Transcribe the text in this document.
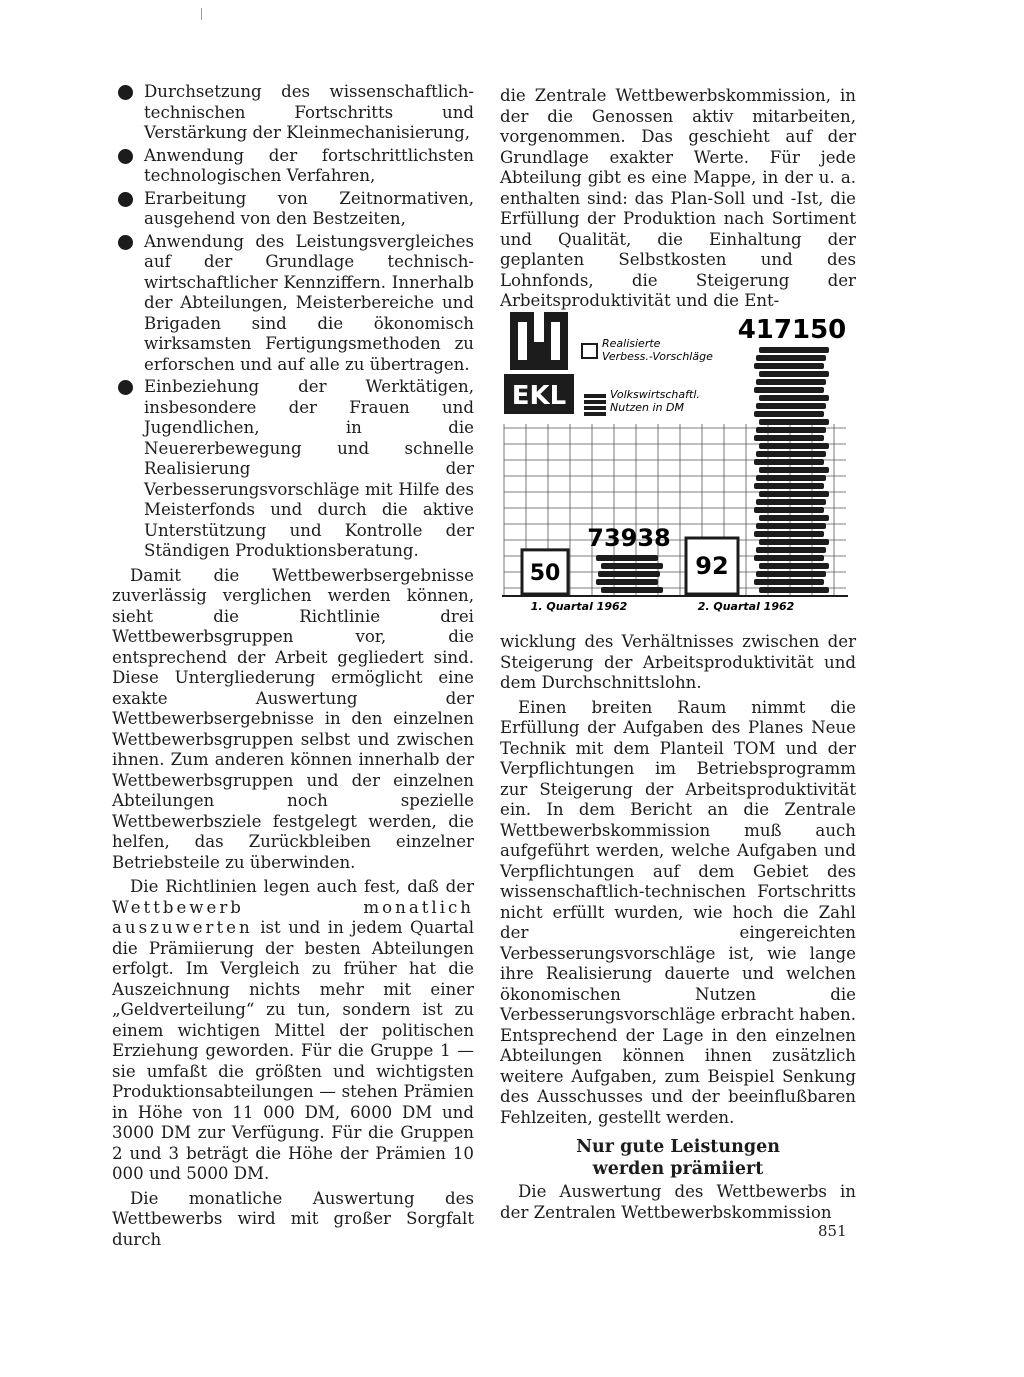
Durchsetzung des wissenschaftlich-technischen Fortschritts und Verstärkung der Kleinmechanisierung,
Anwendung der fortschrittlichsten technologischen Verfahren,
Erarbeitung von Zeitnormativen, ausgehend von den Bestzeiten,
Anwendung des Leistungsvergleiches auf der Grundlage technisch-wirtschaftlicher Kennziffern. Innerhalb der Abteilungen, Meisterbereiche und Brigaden sind die ökonomisch wirksamsten Fertigungsmethoden zu erforschen und auf alle zu übertragen.
Einbeziehung der Werktätigen, insbesondere der Frauen und Jugendlichen, in die Neuererbewegung und schnelle Realisierung der Verbesserungsvorschläge mit Hilfe des Meisterfonds und durch die aktive Unterstützung und Kontrolle der Ständigen Produktionsberatung.

Damit die Wettbewerbsergebnisse zuverlässig verglichen werden können, sieht die Richtlinie drei Wettbewerbsgruppen vor, die entsprechend der Arbeit gegliedert sind. Diese Untergliederung ermöglicht eine exakte Auswertung der Wettbewerbsergebnisse in den einzelnen Wettbewerbsgruppen selbst und zwischen ihnen. Zum anderen können innerhalb der Wettbewerbsgruppen und der einzelnen Abteilungen noch spezielle Wettbewerbsziele festgelegt werden, die helfen, das Zurückbleiben einzelner Betriebsteile zu überwinden.

Die Richtlinien legen auch fest, daß der Wettbewerb monatlich auszuwerten ist und in jedem Quartal die Prämiierung der besten Abteilungen erfolgt. Im Vergleich zu früher hat die Auszeichnung nichts mehr mit einer „Geldverteilung“ zu tun, sondern ist zu einem wichtigen Mittel der politischen Erziehung geworden. Für die Gruppe 1 — sie umfaßt die größten und wichtigsten Produktionsabteilungen — stehen Prämien in Höhe von 11 000 DM, 6000 DM und 3000 DM zur Verfügung. Für die Gruppen 2 und 3 beträgt die Höhe der Prämien 10 000 und 5000 DM.

Die monatliche Auswertung des Wettbewerbs wird mit großer Sorgfalt durch

die Zentrale Wettbewerbskommission, in der die Genossen aktiv mitarbeiten, vorgenommen. Das geschieht auf der Grundlage exakter Werte. Für jede Abteilung gibt es eine Mappe, in der u. a. enthalten sind: das Plan-Soll und -Ist, die Erfüllung der Produktion nach Sortiment und Qualität, die Einhaltung der geplanten Selbstkosten und des Lohnfonds, die Steigerung der Arbeitsproduktivität und die Ent-

EKL
Realisierte
Verbess.-Vorschläge
Volkswirtschaftl.
Nutzen in DM
417150
73938
50	92
1. Quartal 1962	2. Quartal 1962

wicklung des Verhältnisses zwischen der Steigerung der Arbeitsproduktivität und dem Durchschnittslohn.

Einen breiten Raum nimmt die Erfüllung der Aufgaben des Planes Neue Technik mit dem Planteil TOM und der Verpflichtungen im Betriebsprogramm zur Steigerung der Arbeitsproduktivität ein. In dem Bericht an die Zentrale Wettbewerbskommission muß auch aufgeführt werden, welche Aufgaben und Verpflichtungen auf dem Gebiet des wissenschaftlich-technischen Fortschritts nicht erfüllt wurden, wie hoch die Zahl der eingereichten Verbesserungsvorschläge ist, wie lange ihre Realisierung dauerte und welchen ökonomischen Nutzen die Verbesserungsvorschläge erbracht haben. Entsprechend der Lage in den einzelnen Abteilungen können ihnen zusätzlich weitere Aufgaben, zum Beispiel Senkung des Ausschusses und der beeinflußbaren Fehlzeiten, gestellt werden.

Nur gute Leistungen
werden prämiiert

Die Auswertung des Wettbewerbs in der Zentralen Wettbewerbskommission

851
